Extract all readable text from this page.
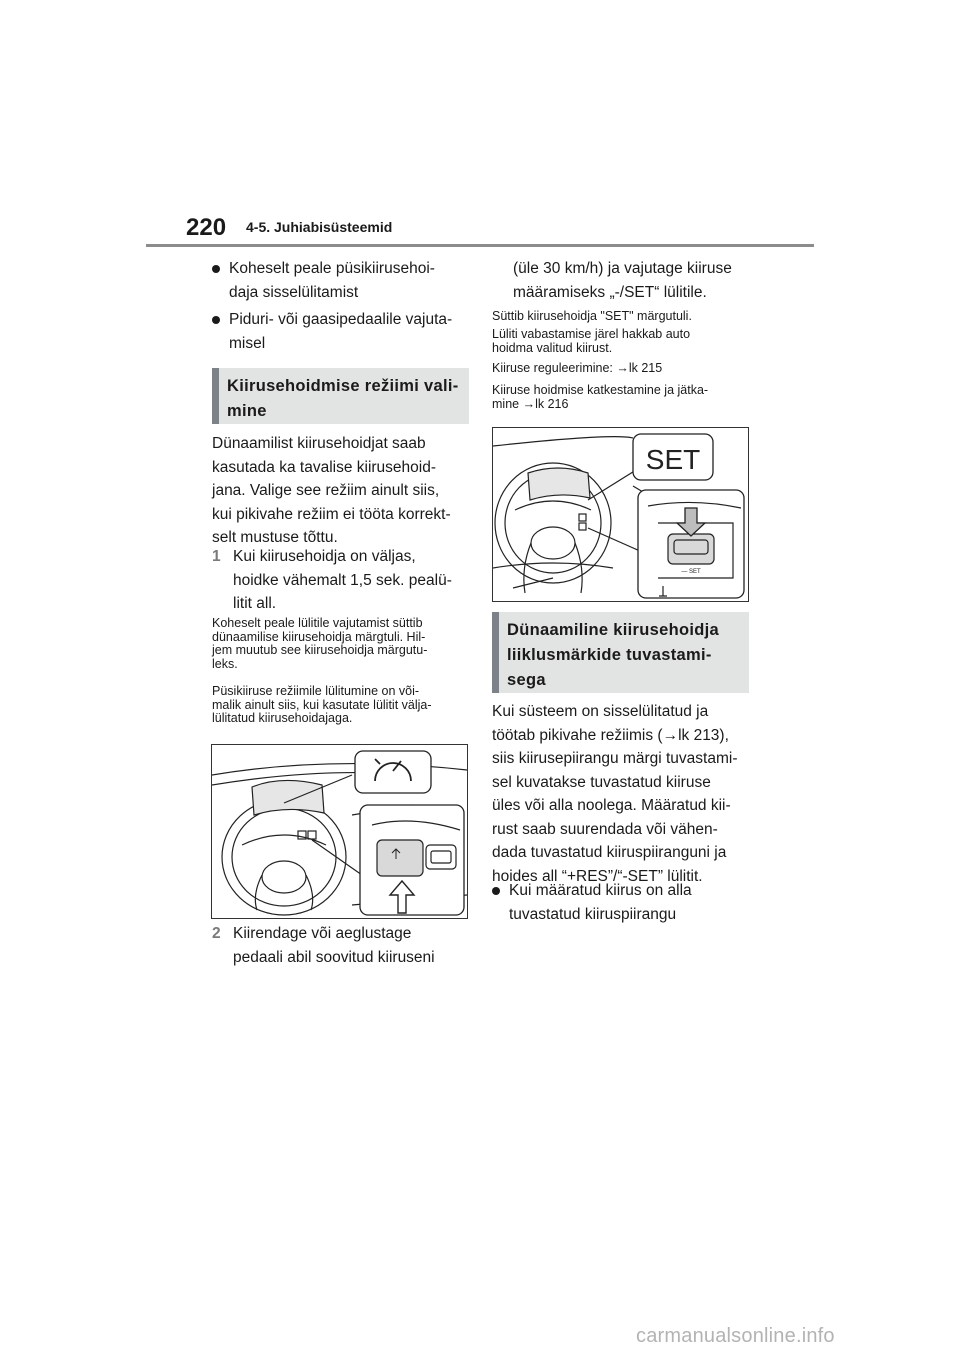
220 4-5. Juhiabisüsteemid
Koheselt peale püsikiirusehoi-
daja sisselülitamist
Piduri- või gaasipedaalile vajuta-
misel
Kiirusehoidmise režiimi vali-
mine
Dünaamilist kiirusehoidjat saab
kasutada ka tavalise kiirusehoid-
jana. Valige see režiim ainult siis,
kui pikivahe režiim ei tööta korrekt-
selt mustuse tõttu.
1 Kui kiirusehoidja on väljas,
hoidke vähemalt 1,5 sek. pealü-
litit all.
Koheselt peale lülitile vajutamist süttib
dünaamilise kiirusehoidja märgtuli. Hil-
jem muutub see kiirusehoidja märgutu-
leks.
Püsikiiruse režiimile lülitumine on või-
malik ainult siis, kui kasutate lülitit välja-
lülitatud kiirusehoidajaga.
2 Kiirendage või aeglustage
pedaali abil soovitud kiiruseni
(üle 30 km/h) ja vajutage kiiruse
määramiseks „-/SET“ lülitile.
Süttib kiirusehoidja "SET" märgutuli.
Lüliti vabastamise järel hakkab auto
hoidma valitud kiirust.
Kiiruse reguleerimine: →lk 215
Kiiruse hoidmise katkestamine ja jätka-
mine →lk 216
SET
— SET
Dünaamiline kiirusehoidja
liiklusmärkide tuvastami-
sega
Kui süsteem on sisselülitatud ja
töötab pikivahe režiimis (→lk 213),
siis kiirusepiirangu märgi tuvastami-
sel kuvatakse tuvastatud kiiruse
üles või alla noolega. Määratud kii-
rust saab suurendada või vähen-
dada tuvastatud kiiruspiiranguni ja
hoides all “+RES”/“-SET” lülitit.
Kui määratud kiirus on alla
tuvastatud kiiruspiirangu
carmanualsonline.info
